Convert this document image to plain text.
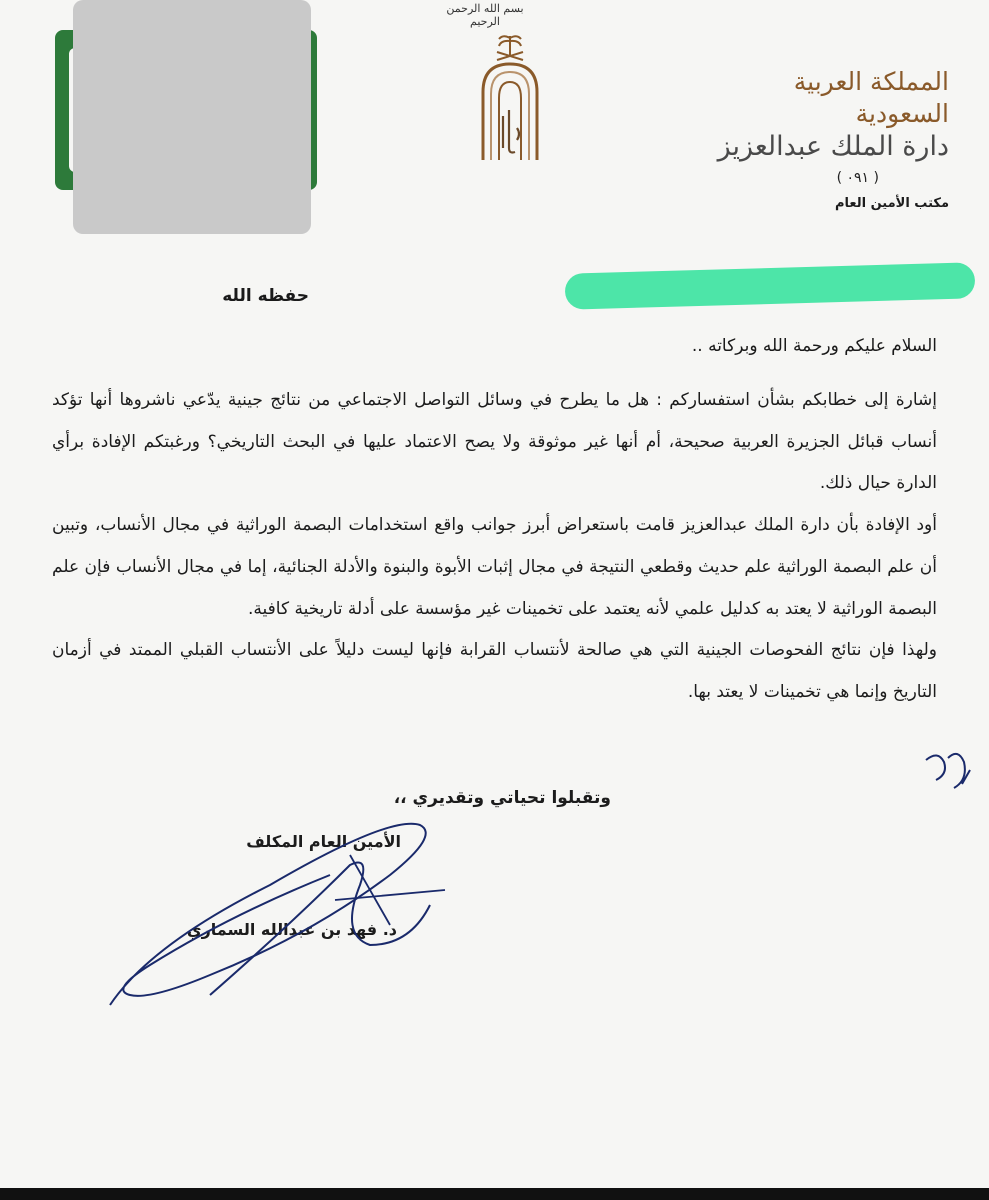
بسم الله الرحمن الرحيم
المملكة العربية السعودية
دارة الملك عبدالعزيز
( ٠٩١ )
مكتب الأمين العام
حفظه الله
السلام عليكم ورحمة الله وبركاته ..

إشارة إلى خطابكم بشأن استفساركم : هل ما يطرح في وسائل التواصل الاجتماعي من نتائج جينية يدّعي ناشروها أنها تؤكد أنساب قبائل الجزيرة العربية صحيحة، أم أنها غير موثوقة ولا يصح الاعتماد عليها في البحث التاريخي؟ ورغبتكم الإفادة برأي الدارة حيال ذلك.

أود الإفادة بأن دارة الملك عبدالعزيز قامت باستعراض أبرز جوانب واقع استخدامات البصمة الوراثية في مجال الأنساب، وتبين أن علم البصمة الوراثية علم حديث وقطعي النتيجة في مجال إثبات الأبوة والبنوة والأدلة الجنائية، إما في مجال الأنساب فإن علم البصمة الوراثية لا يعتد به كدليل علمي لأنه يعتمد على تخمينات غير مؤسسة على أدلة تاريخية كافية.

ولهذا فإن نتائج الفحوصات الجينية التي هي صالحة لأنتساب القرابة فإنها ليست دليلاً على الأنتساب القبلي الممتد في أزمان التاريخ وإنما هي تخمينات لا يعتد بها.

وتقبلوا تحياتي وتقديري ،،
الأمين العام المكلف
د. فهد بن عبدالله السماري
